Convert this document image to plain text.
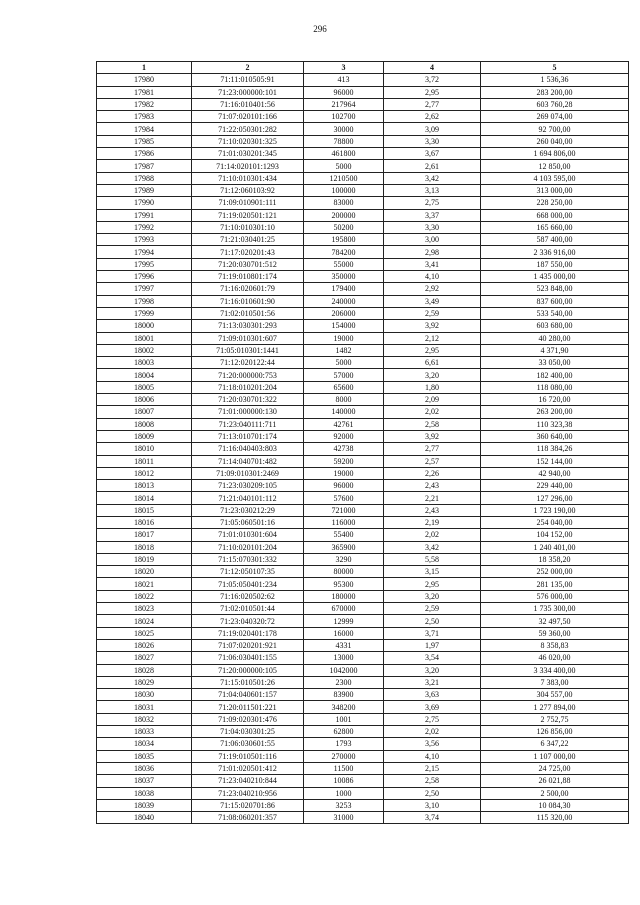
296
1	2	3	4	5
17980	71:11:010505:91	413	3,72	1 536,36
17981	71:23:000000:101	96000	2,95	283 200,00
17982	71:16:010401:56	217964	2,77	603 760,28
17983	71:07:020101:166	102700	2,62	269 074,00
17984	71:22:050301:282	30000	3,09	92 700,00
17985	71:10:020301:325	78800	3,30	260 040,00
17986	71:01:030201:345	461800	3,67	1 694 806,00
17987	71:14:020101:1293	5000	2,61	12 850,00
17988	71:10:010301:434	1210500	3,42	4 103 595,00
17989	71:12:060103:92	100000	3,13	313 000,00
17990	71:09:010901:111	83000	2,75	228 250,00
17991	71:19:020501:121	200000	3,37	668 000,00
17992	71:10:010301:10	50200	3,30	165 660,00
17993	71:21:030401:25	195800	3,00	587 400,00
17994	71:17:020201:43	784200	2,98	2 336 916,00
17995	71:20:030701:512	55000	3,41	187 550,00
17996	71:19:010801:174	350000	4,10	1 435 000,00
17997	71:16:020601:79	179400	2,92	523 848,00
17998	71:16:010601:90	240000	3,49	837 600,00
17999	71:02:010501:56	206000	2,59	533 540,00
18000	71:13:030301:293	154000	3,92	603 680,00
18001	71:09:010301:607	19000	2,12	40 280,00
18002	71:05:010301:1441	1482	2,95	4 371,90
18003	71:12:020122:44	5000	6,61	33 050,00
18004	71:20:000000:753	57000	3,20	182 400,00
18005	71:18:010201:204	65600	1,80	118 080,00
18006	71:20:030701:322	8000	2,09	16 720,00
18007	71:01:000000:130	140000	2,02	263 200,00
18008	71:23:040111:711	42761	2,58	110 323,38
18009	71:13:010701:174	92000	3,92	360 640,00
18010	71:16:040403:803	42738	2,77	118 384,26
18011	71:14:040701:482	59200	2,57	152 144,00
18012	71:09:010301:2469	19000	2,26	42 940,00
18013	71:23:030209:105	96000	2,43	229 440,00
18014	71:21:040101:112	57600	2,21	127 296,00
18015	71:23:030212:29	721000	2,43	1 723 190,00
18016	71:05:060501:16	116000	2,19	254 040,00
18017	71:01:010301:604	55400	2,02	104 152,00
18018	71:10:020101:204	365900	3,42	1 240 401,00
18019	71:15:070301:332	3290	5,58	18 358,20
18020	71:12:050107:35	80000	3,15	252 000,00
18021	71:05:050401:234	95300	2,95	281 135,00
18022	71:16:020502:62	180000	3,20	576 000,00
18023	71:02:010501:44	670000	2,59	1 735 300,00
18024	71:23:040320:72	12999	2,50	32 497,50
18025	71:19:020401:178	16000	3,71	59 360,00
18026	71:07:020201:921	4331	1,97	8 358,83
18027	71:06:030401:155	13000	3,54	46 020,00
18028	71:20:000000:105	1042000	3,20	3 334 400,00
18029	71:15:010501:26	2300	3,21	7 383,00
18030	71:04:040601:157	83900	3,63	304 557,00
18031	71:20:011501:221	348200	3,69	1 277 894,00
18032	71:09:020301:476	1001	2,75	2 752,75
18033	71:04:030301:25	62800	2,02	126 856,00
18034	71:06:030601:55	1793	3,56	6 347,22
18035	71:19:010501:116	270000	4,10	1 107 000,00
18036	71:01:020501:412	11500	2,15	24 725,00
18037	71:23:040210:844	10086	2,58	26 021,88
18038	71:23:040210:956	1000	2,50	2 500,00
18039	71:15:020701:86	3253	3,10	10 084,30
18040	71:08:060201:357	31000	3,74	115 320,00
